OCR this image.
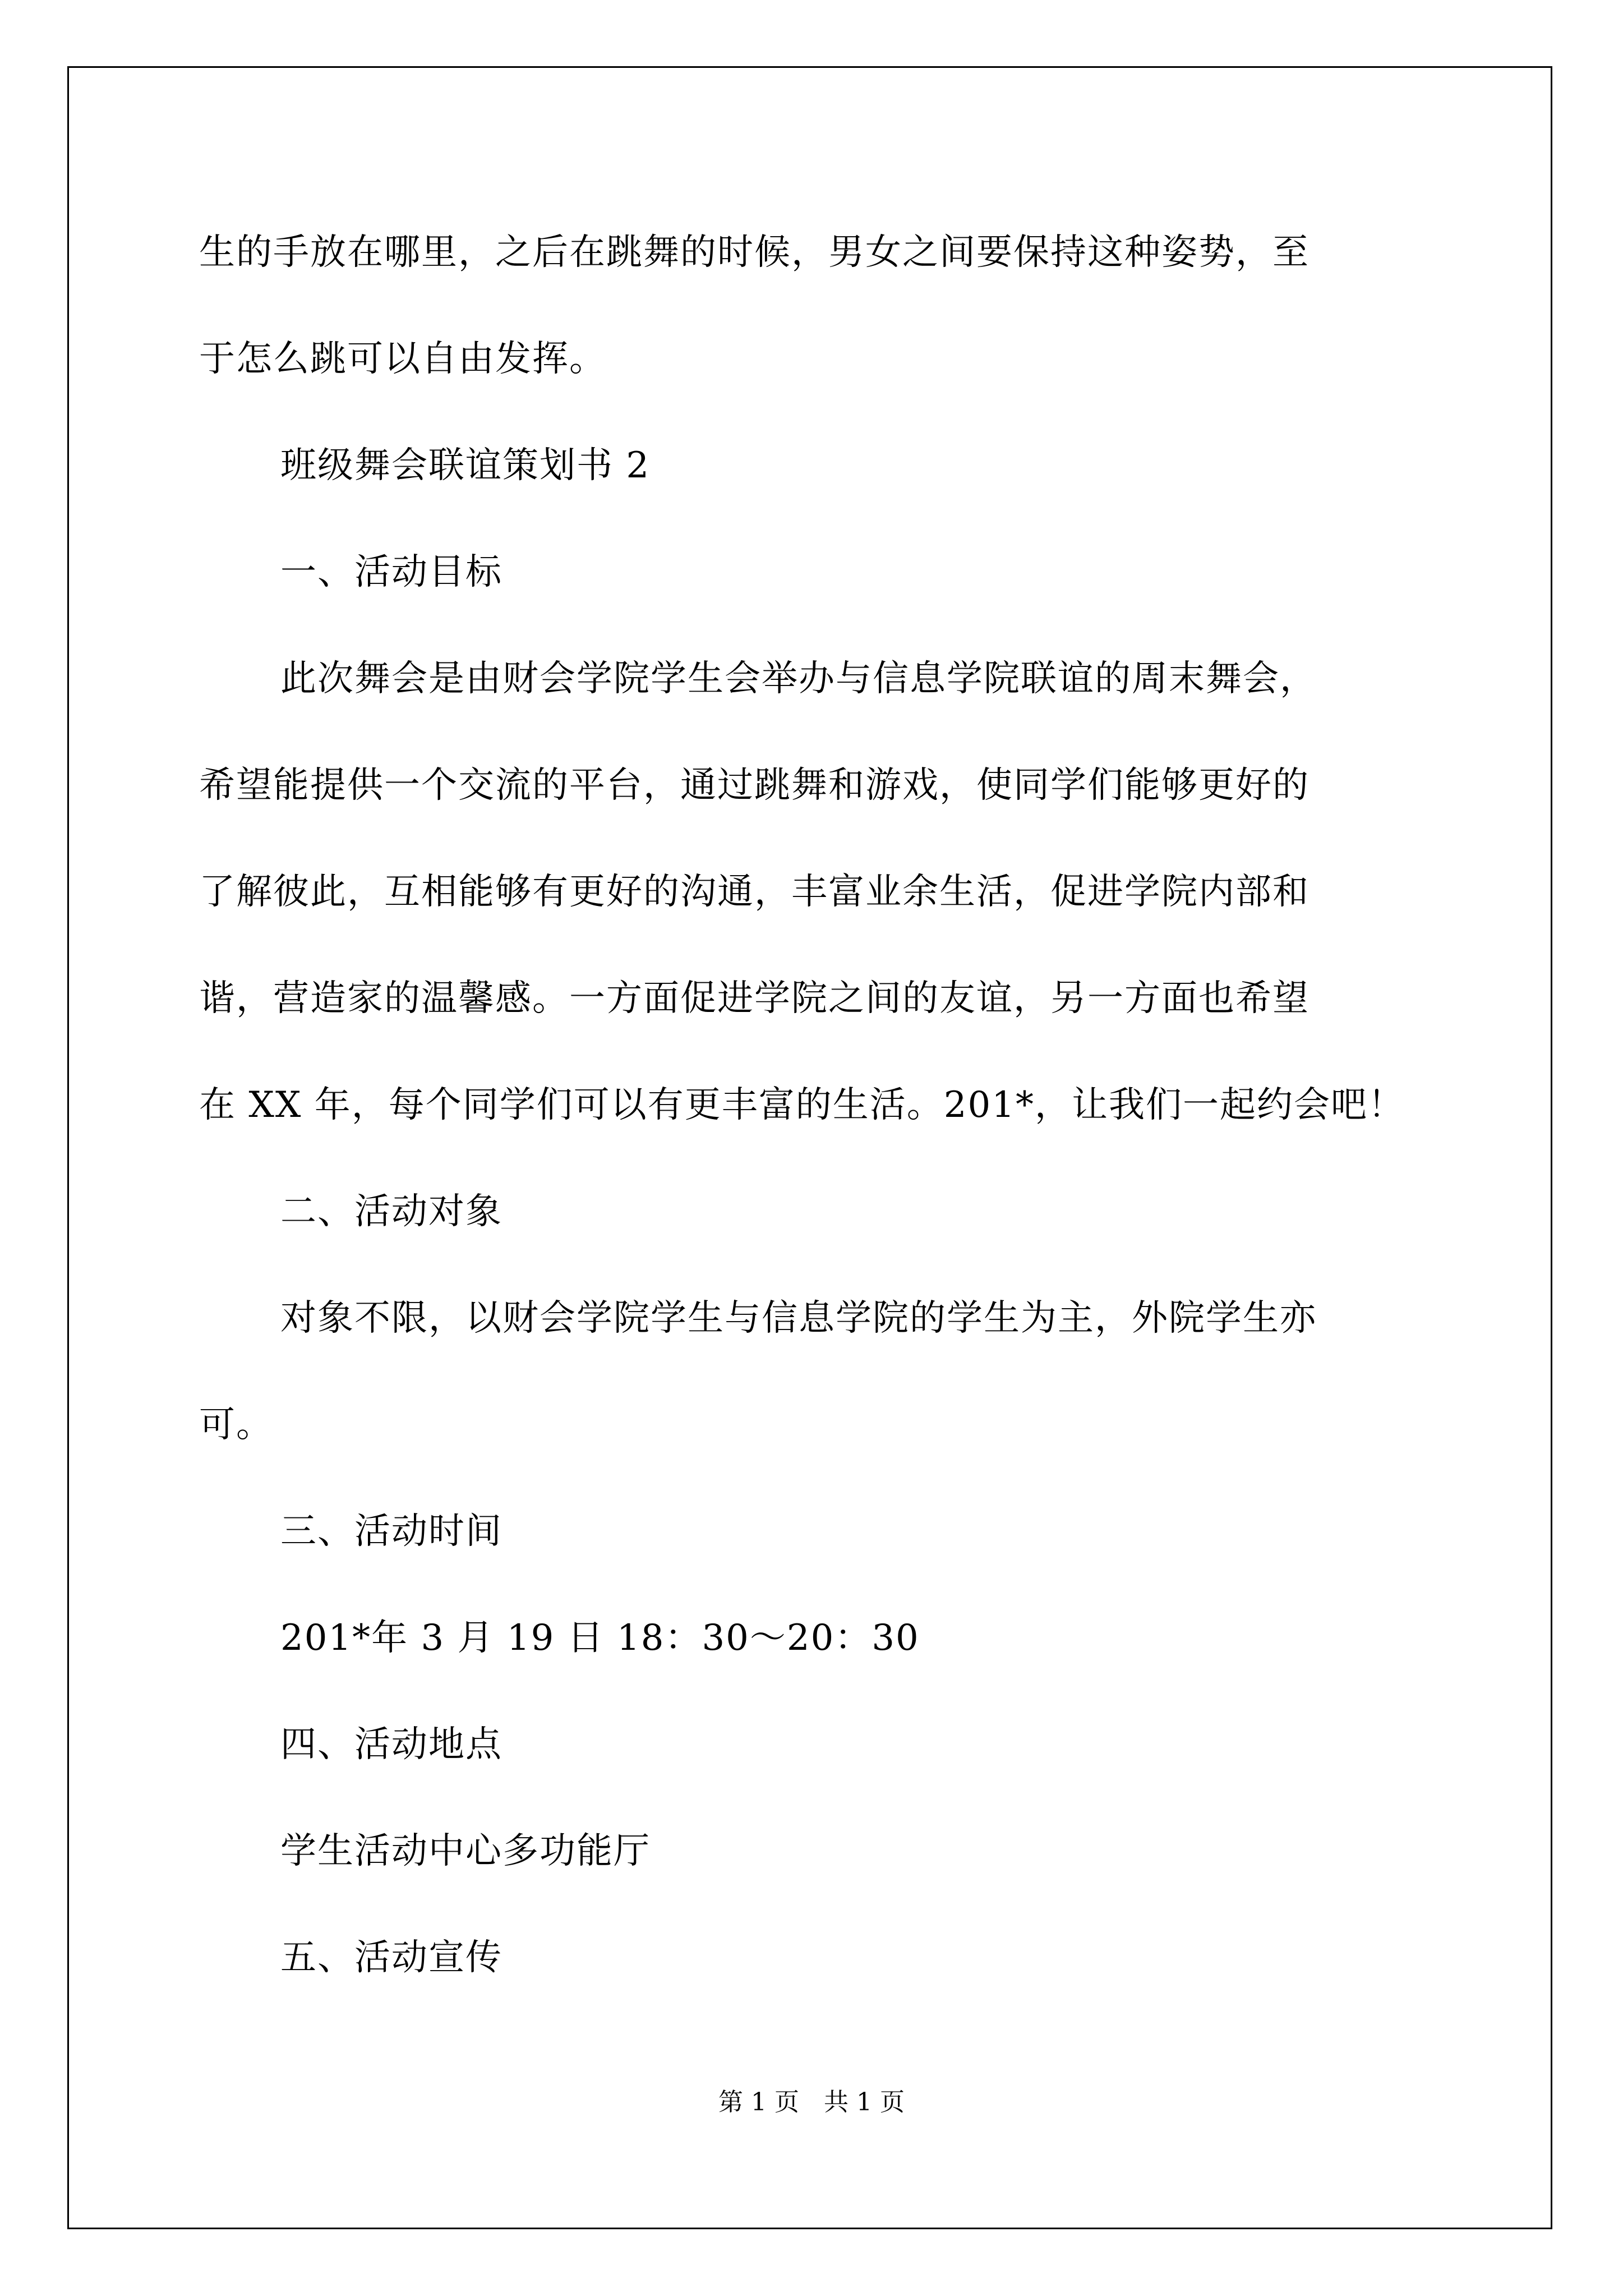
生的手放在哪里，之后在跳舞的时候，男女之间要保持这种姿势，至
于怎么跳可以自由发挥。
班级舞会联谊策划书 2
一、活动目标
此次舞会是由财会学院学生会举办与信息学院联谊的周末舞会，
希望能提供一个交流的平台，通过跳舞和游戏，使同学们能够更好的
了解彼此，互相能够有更好的沟通，丰富业余生活，促进学院内部和
谐，营造家的温馨感。一方面促进学院之间的友谊，另一方面也希望
在 XX 年，每个同学们可以有更丰富的生活。201*，让我们一起约会吧！
二、活动对象
对象不限，以财会学院学生与信息学院的学生为主，外院学生亦
可。
三、活动时间
201*年 3 月 19 日 18：30～20：30
四、活动地点
学生活动中心多功能厅
五、活动宣传
第 1 页　共 1 页
